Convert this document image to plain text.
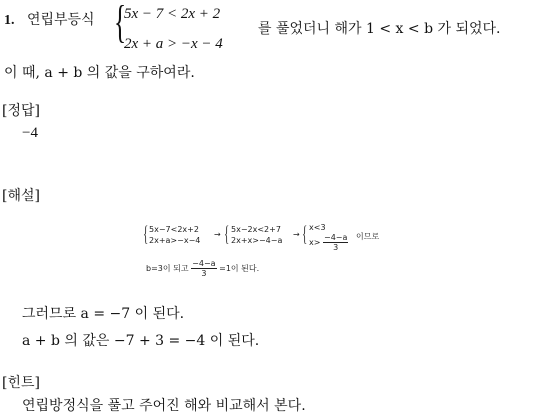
1. 연립부등식 {
5x − 7 < 2x + 2
2x + a > −x − 4
를 풀었더니 해가 1 < x < b 가 되었다.
이 때, a + b 의 값을 구하여라.
[정답]
−4
[해설]
{ 5x−7<2x+2
2x+a>−x−4
→ { 5x−2x<2+7
2x+x>−4−a
→ { x<3
$x> \frac{-4-a}{3}$ 이므로
b=3이 되고 $\frac{-4-a}{3} =1$이 된다.
그러므로 a = −7 이 된다.
a + b 의 값은 −7 + 3 = −4 이 된다.
[힌트]
연립방정식을 풀고 주어진 해와 비교해서 본다.
